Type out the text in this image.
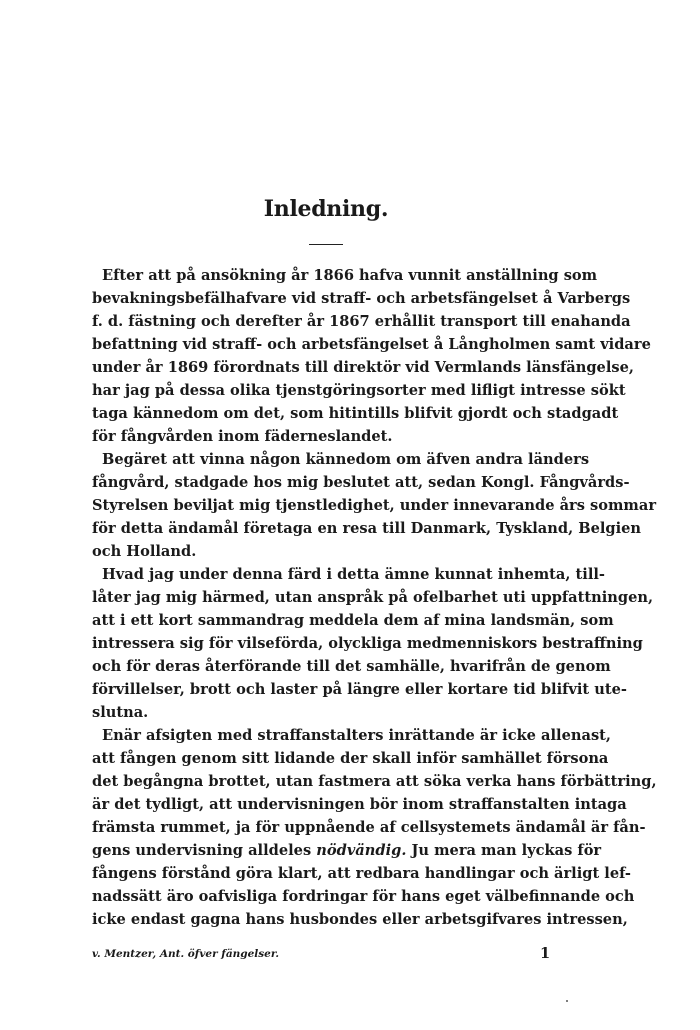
Inledning.
Efter att på ansökning år 1866 hafva vunnit anställning som
bevakningsbefälhafvare vid straff- och arbetsfängelset å Varbergs
f. d. fästning och derefter år 1867 erhållit transport till enahanda
befattning vid straff- och arbetsfängelset å Långholmen samt vidare
under år 1869 förordnats till direktör vid Vermlands länsfängelse,
har jag på dessa olika tjenstgöringsorter med lifligt intresse sökt
taga kännedom om det, som hitintills blifvit gjordt och stadgadt
för fångvården inom fäderneslandet.
Begäret att vinna någon kännedom om äfven andra länders
fångvård, stadgade hos mig beslutet att, sedan Kongl. Fångvårds-
Styrelsen beviljat mig tjenstledighet, under innevarande års sommar
för detta ändamål företaga en resa till Danmark, Tyskland, Belgien
och Holland.
Hvad jag under denna färd i detta ämne kunnat inhemta, till-
låter jag mig härmed, utan anspråk på ofelbarhet uti uppfattningen,
att i ett kort sammandrag meddela dem af mina landsmän, som
intressera sig för vilseförda, olyckliga medmenniskors bestraffning
och för deras återförande till det samhälle, hvarifrån de genom
förvillelser, brott och laster på längre eller kortare tid blifvit ute-
slutna.
Enär afsigten med straffanstalters inrättande är icke allenast,
att fången genom sitt lidande der skall inför samhället försona
det begångna brottet, utan fastmera att söka verka hans förbättring,
är det tydligt, att undervisningen bör inom straffanstalten intaga
främsta rummet, ja för uppnående af cellsystemets ändamål är fån-
gens undervisning alldeles nödvändig. Ju mera man lyckas för
fångens förstånd göra klart, att redbara handlingar och ärligt lef-
nadssätt äro oafvisliga fordringar för hans eget välbefinnande och
icke endast gagna hans husbondes eller arbetsgifvares intressen,
v. Mentzer, Ant. öfver fängelser.	1
